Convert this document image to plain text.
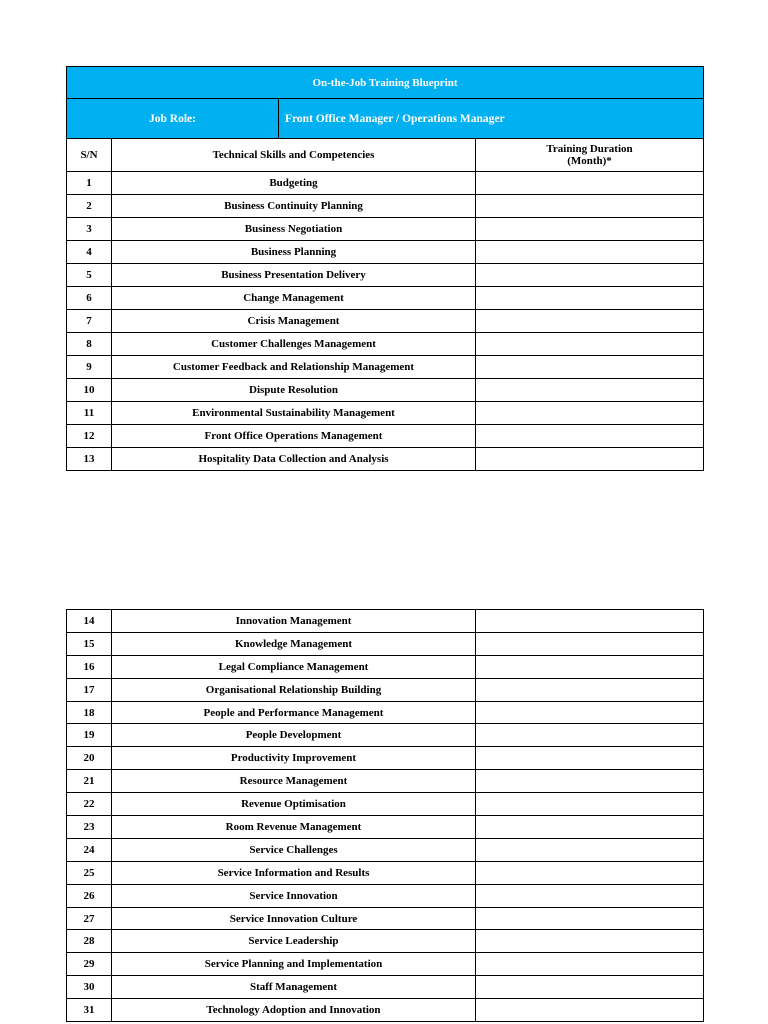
On-the-Job Training Blueprint

Job Role:	Front Office Manager / Operations Manager

S/N	Technical Skills and Competencies	Training Duration
(Month)*

1	Budgeting	
2	Business Continuity Planning	
3	Business Negotiation	
4	Business Planning	
5	Business Presentation Delivery	
6	Change Management	
7	Crisis Management	
8	Customer Challenges Management	
9	Customer Feedback and Relationship Management	
10	Dispute Resolution	
11	Environmental Sustainability Management	
12	Front Office Operations Management	
13	Hospitality Data Collection and Analysis	
14	Innovation Management	
15	Knowledge Management	
16	Legal Compliance Management	
17	Organisational Relationship Building	
18	People and Performance Management	
19	People Development	
20	Productivity Improvement	
21	Resource Management	
22	Revenue Optimisation	
23	Room Revenue Management	
24	Service Challenges	
25	Service Information and Results	
26	Service Innovation	
27	Service Innovation Culture	
28	Service Leadership	
29	Service Planning and Implementation	
30	Staff Management	
31	Technology Adoption and Innovation	
